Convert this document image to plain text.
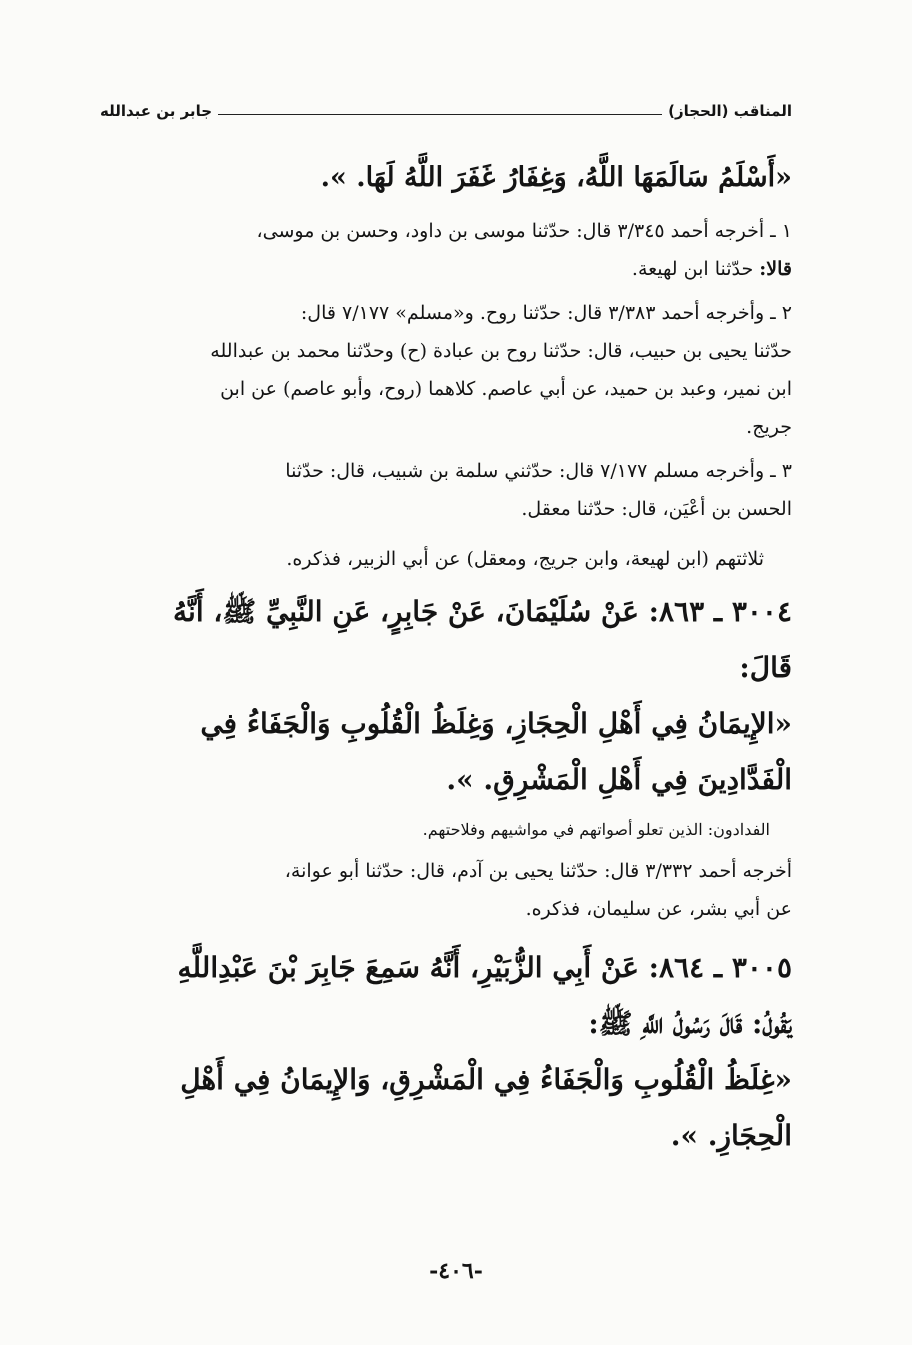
المناقب (الحجاز)
جابر بن عبدالله

«أَسْلَمُ سَالَمَهَا اللَّهُ، وَغِفَارُ غَفَرَ اللَّهُ لَهَا. ».

١ ـ أخرجه أحمد ٣/٣٤٥ قال: حدّثنا موسى بن داود، وحسن بن موسى،

قالا: حدّثنا ابن لهيعة.

٢ ـ وأخرجه أحمد ٣/٣٨٣ قال: حدّثنا روح. و«مسلم» ٧/١٧٧ قال:

حدّثنا يحيى بن حبيب، قال: حدّثنا روح بن عبادة (ح) وحدّثنا محمد بن عبدالله

ابن نمير، وعبد بن حميد، عن أبي عاصم. كلاهما (روح، وأبو عاصم) عن ابن

جريج.

٣ ـ وأخرجه مسلم ٧/١٧٧ قال: حدّثني سلمة بن شبيب، قال: حدّثنا

الحسن بن أعْيَن، قال: حدّثنا معقل.

ثلاثتهم (ابن لهيعة، وابن جريج، ومعقل) عن أبي الزبير، فذكره.

٣٠٠٤ ـ ٨٦٣: عَنْ سُلَيْمَانَ، عَنْ جَابِرٍ، عَنِ النَّبِيِّ ﷺ، أَنَّهُ

قَالَ:

«الإِيمَانُ فِي أَهْلِ الْحِجَازِ، وَغِلَظُ الْقُلُوبِ وَالْجَفَاءُ فِي

الْفَدَّادِينَ فِي أَهْلِ الْمَشْرِقِ. ».

الفدادون: الذين تعلو أصواتهم في مواشيهم وفلاحتهم.

أخرجه أحمد ٣/٣٣٢ قال: حدّثنا يحيى بن آدم، قال: حدّثنا أبو عوانة،

عن أبي بشر، عن سليمان، فذكره.

٣٠٠٥ ـ ٨٦٤: عَنْ أَبِي الزُّبَيْرِ، أَنَّهُ سَمِعَ جَابِرَ بْنَ عَبْدِاللَّهِ

يَقُولُ: قَالَ رَسُولُ اللَّهِ ﷺ:

«غِلَظُ الْقُلُوبِ وَالْجَفَاءُ فِي الْمَشْرِقِ، وَالإِيمَانُ فِي أَهْلِ

الْحِجَازِ. ».

-٤٠٦-
